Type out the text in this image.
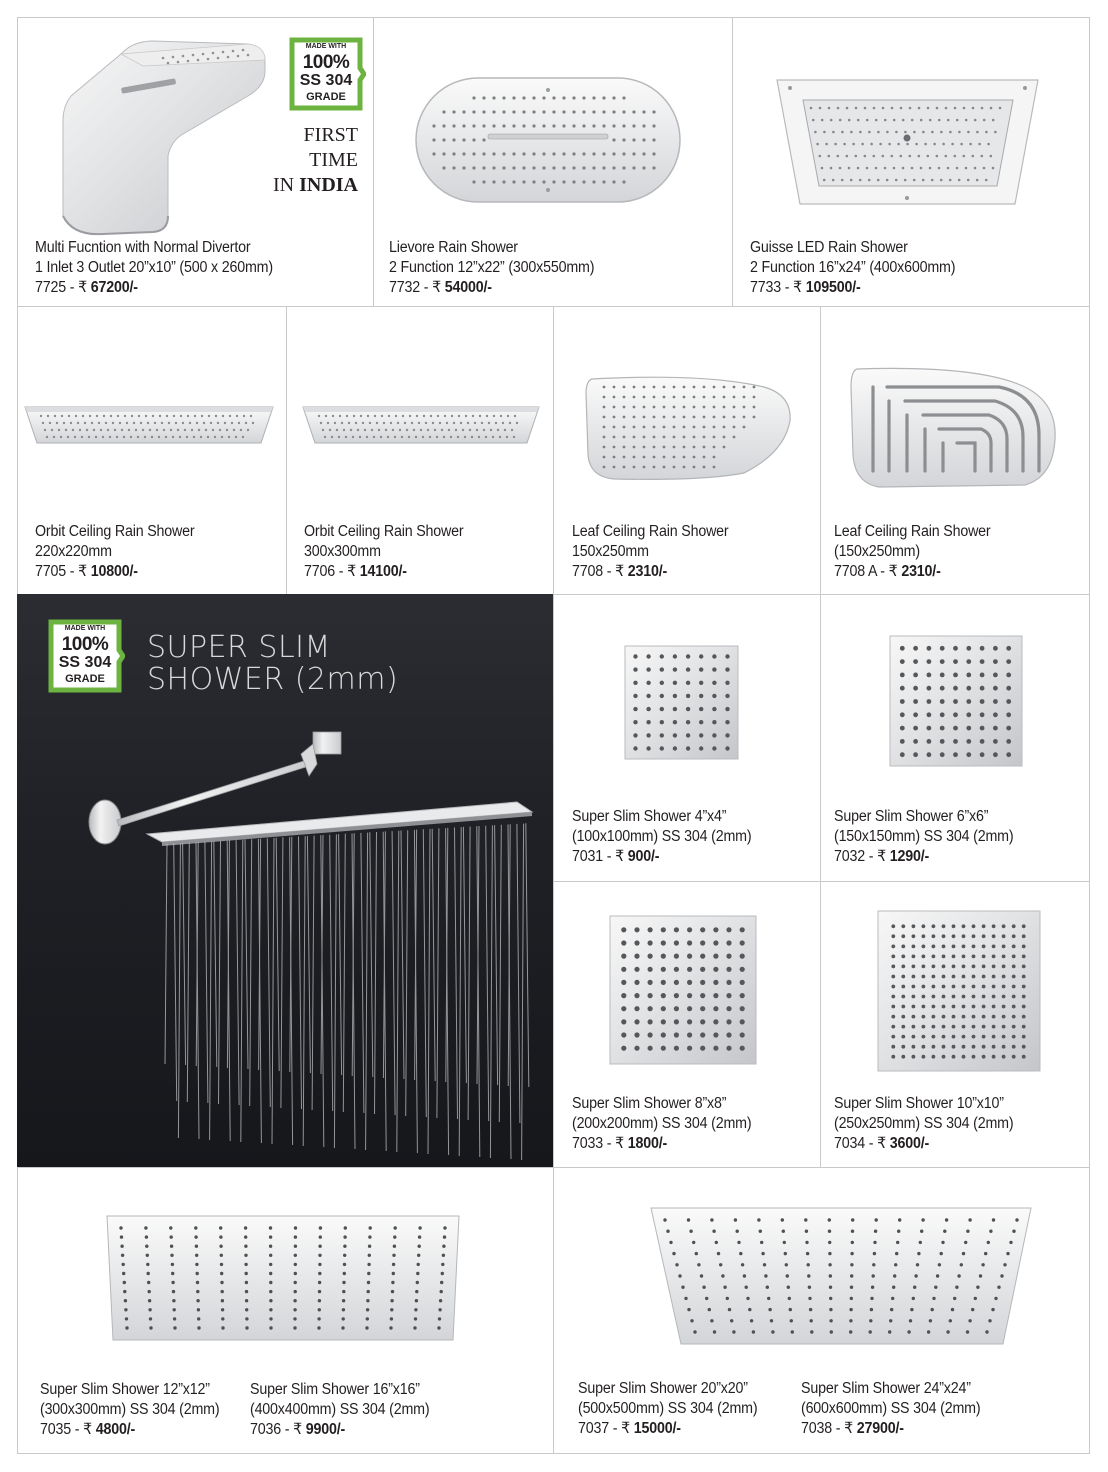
MADE WITH
100%
SS 304
GRADE
FIRST
TIME
IN INDIA
Multi Fucntion with Normal Divertor
1 Inlet 3 Outlet 20”x10” (500 x 260mm)
7725 - ₹ 67200/-
Lievore Rain Shower
2 Function 12”x22” (300x550mm)
7732 - ₹ 54000/-
Guisse LED Rain Shower
2 Function 16”x24” (400x600mm)
7733 - ₹ 109500/-
Orbit Ceiling Rain Shower
220x220mm
7705 - ₹ 10800/-
Orbit Ceiling Rain Shower
300x300mm
7706 - ₹ 14100/-
Leaf Ceiling Rain Shower
150x250mm
7708 - ₹ 2310/-
Leaf Ceiling Rain Shower
(150x250mm)
7708 A - ₹ 2310/-
MADE WITH
100%
SS 304
GRADE
SUPER SLIM
SHOWER (2mm)
Super Slim Shower 4”x4”
(100x100mm) SS 304 (2mm)
7031 - ₹ 900/-
Super Slim Shower 6”x6”
(150x150mm) SS 304 (2mm)
7032 - ₹ 1290/-
Super Slim Shower 8”x8”
(200x200mm) SS 304 (2mm)
7033 - ₹ 1800/-
Super Slim Shower 10”x10”
(250x250mm) SS 304 (2mm)
7034 - ₹ 3600/-
Super Slim Shower 12”x12”
(300x300mm) SS 304 (2mm)
7035 - ₹ 4800/-
Super Slim Shower 16”x16”
(400x400mm) SS 304 (2mm)
7036 - ₹ 9900/-
Super Slim Shower 20”x20”
(500x500mm) SS 304 (2mm)
7037 - ₹ 15000/-
Super Slim Shower 24”x24”
(600x600mm) SS 304 (2mm)
7038 - ₹ 27900/-
